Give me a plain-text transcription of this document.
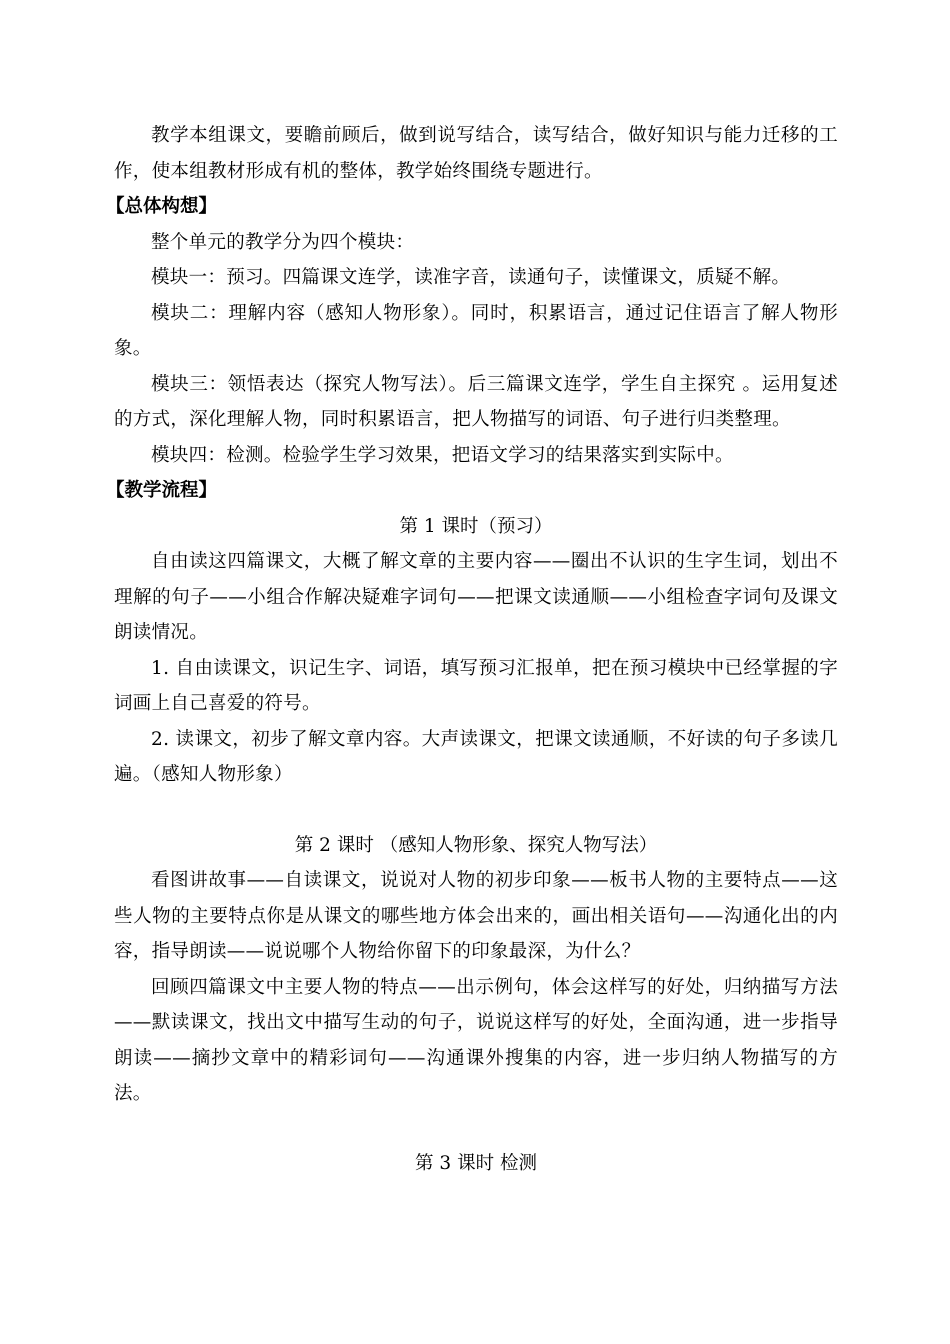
教学本组课文，要瞻前顾后，做到说写结合，读写结合，做好知识与能力迁移的工作，使本组教材形成有机的整体，教学始终围绕专题进行。

【总体构想】

整个单元的教学分为四个模块：

模块一：预习。四篇课文连学，读准字音，读通句子，读懂课文，质疑不解。

模块二：理解内容（感知人物形象）。同时，积累语言，通过记住语言了解人物形象。

模块三：领悟表达（探究人物写法）。后三篇课文连学，学生自主探究 。运用复述的方式，深化理解人物，同时积累语言，把人物描写的词语、句子进行归类整理。

模块四：检测。检验学生学习效果，把语文学习的结果落实到实际中。

【教学流程】

第 1 课时（预习）

自由读这四篇课文，大概了解文章的主要内容——圈出不认识的生字生词，划出不理解的句子——小组合作解决疑难字词句——把课文读通顺——小组检查字词句及课文朗读情况。

1. 自由读课文，识记生字、词语，填写预习汇报单，把在预习模块中已经掌握的字词画上自己喜爱的符号。

2. 读课文，初步了解文章内容。大声读课文，把课文读通顺，不好读的句子多读几遍。（感知人物形象）

第 2 课时 （感知人物形象、探究人物写法）

看图讲故事——自读课文，说说对人物的初步印象——板书人物的主要特点——这些人物的主要特点你是从课文的哪些地方体会出来的，画出相关语句——沟通化出的内容，指导朗读——说说哪个人物给你留下的印象最深，为什么？

回顾四篇课文中主要人物的特点——出示例句，体会这样写的好处，归纳描写方法——默读课文，找出文中描写生动的句子，说说这样写的好处，全面沟通，进一步指导朗读——摘抄文章中的精彩词句——沟通课外搜集的内容，进一步归纳人物描写的方法。

第 3 课时 检测
